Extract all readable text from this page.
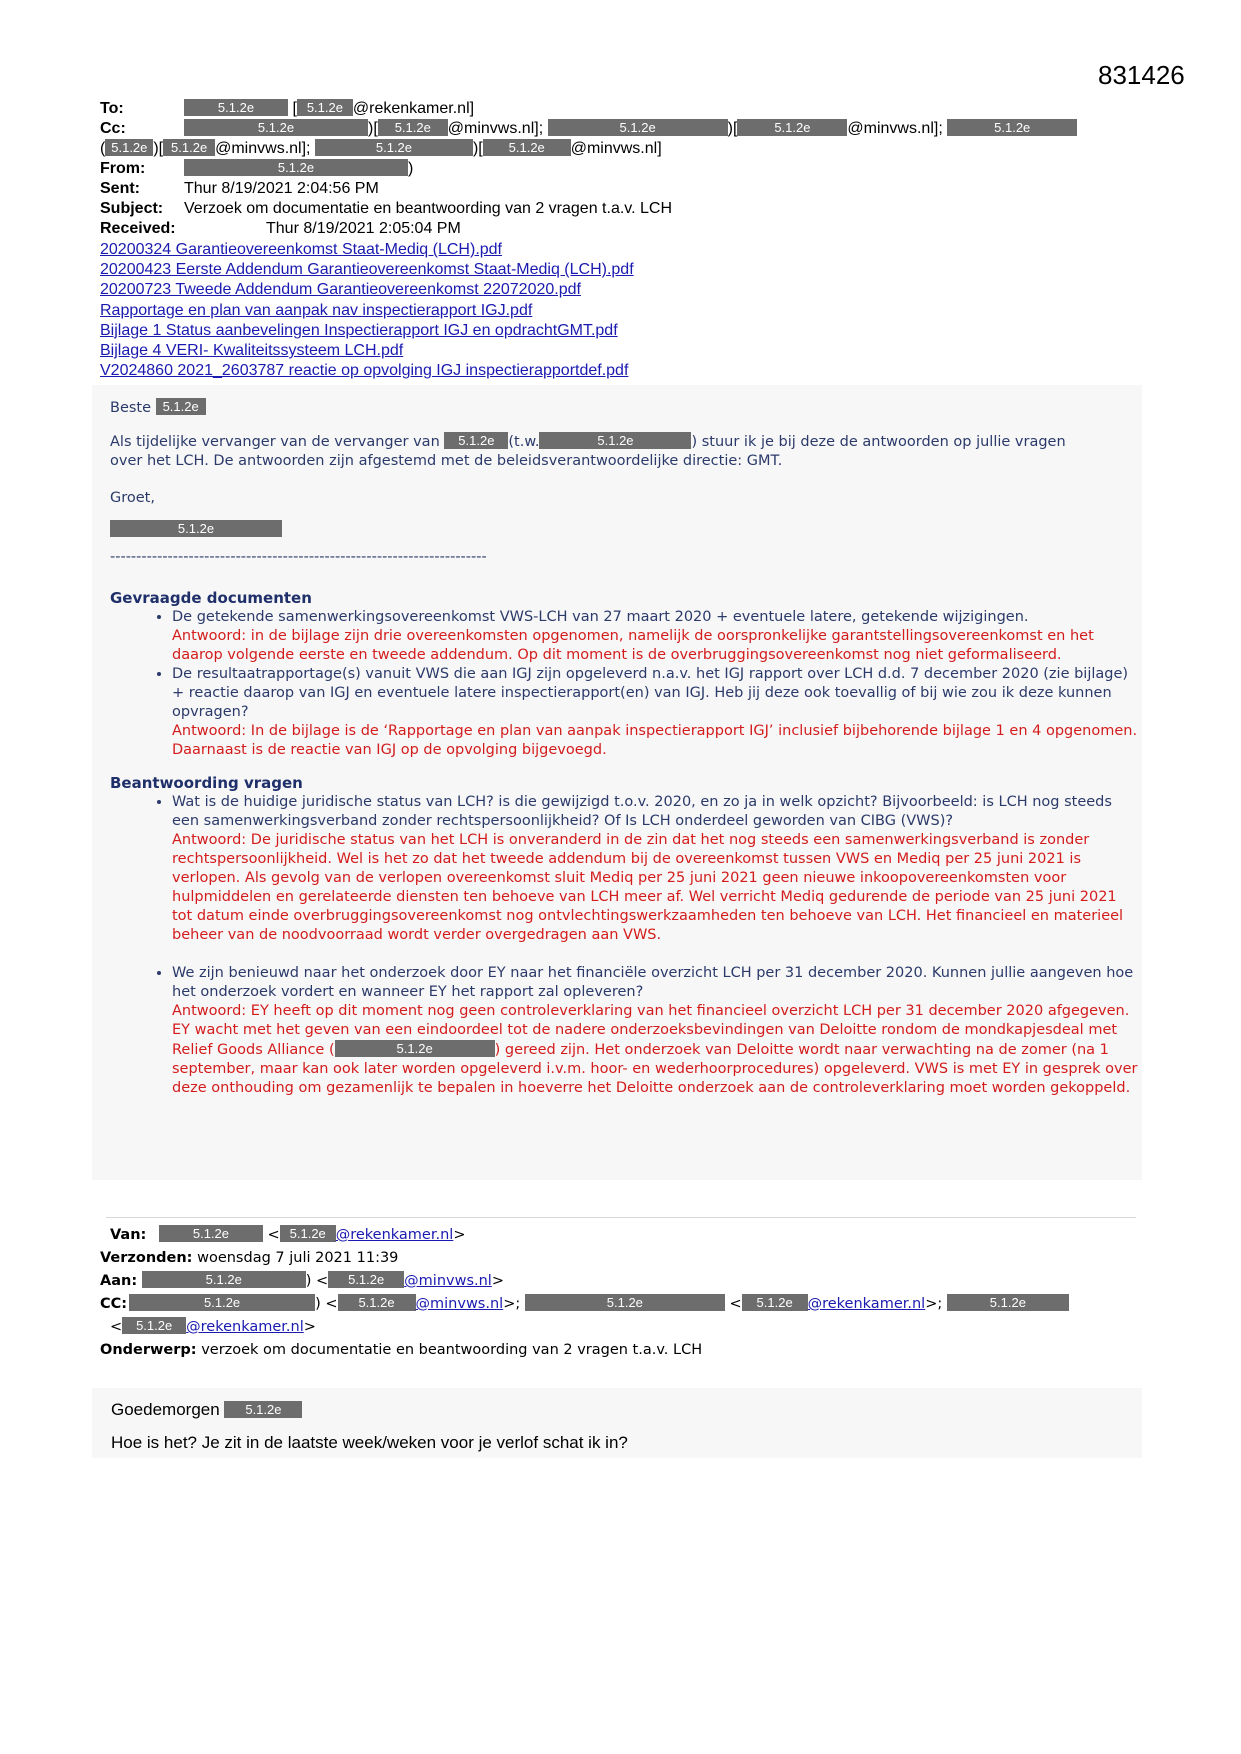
831426
To:	5.1.2e [ 5.1.2e @rekenkamer.nl]
Cc:	5.1.2e	)[ 5.1.2e @minvws.nl];	5.1.2e	)[	5.1.2e @minvws.nl];	5.1.2e
( 5.1.2e )[ 5.1.2e @minvws.nl];	5.1.2e	)[ 5.1.2e @minvws.nl]
From:	5.1.2e	)
Sent:	Thur 8/19/2021 2:04:56 PM
Subject: Verzoek om documentatie en beantwoording van 2 vragen t.a.v. LCH
Received:	Thur 8/19/2021 2:05:04 PM
20200324 Garantieovereenkomst Staat-Mediq (LCH).pdf
20200423 Eerste Addendum Garantieovereenkomst Staat-Mediq (LCH).pdf
20200723 Tweede Addendum Garantieovereenkomst 22072020.pdf
Rapportage en plan van aanpak nav inspectierapport IGJ.pdf
Bijlage 1 Status aanbevelingen Inspectierapport IGJ en opdrachtGMT.pdf
Bijlage 4 VERI- Kwaliteitssysteem LCH.pdf
V2024860 2021_2603787 reactie op opvolging IGJ inspectierapportdef.pdf

Beste 5.1.2e

Als tijdelijke vervanger van de vervanger van 5.1.2e (t.w.	5.1.2e	) stuur ik je bij deze de antwoorden op jullie vragen
over het LCH. De antwoorden zijn afgestemd met de beleidsverantwoordelijke directie: GMT.

Groet,

5.1.2e

------------------------------------------------------------------------
Gevraagde documenten
• De getekende samenwerkingsovereenkomst VWS-LCH van 27 maart 2020 + eventuele latere, getekende wijzigingen.
Antwoord: in de bijlage zijn drie overeenkomsten opgenomen, namelijk de oorspronkelijke garantstellingsovereenkomst en het daarop volgende eerste en tweede addendum. Op dit moment is de overbruggingsovereenkomst nog niet geformaliseerd.
• De resultaatrapportage(s) vanuit VWS die aan IGJ zijn opgeleverd n.a.v. het IGJ rapport over LCH d.d. 7 december 2020 (zie bijlage) + reactie daarop van IGJ en eventuele latere inspectierapport(en) van IGJ. Heb jij deze ook toevallig of bij wie zou ik deze kunnen opvragen?
Antwoord: In de bijlage is de ‘Rapportage en plan van aanpak inspectierapport IGJ’ inclusief bijbehorende bijlage 1 en 4 opgenomen. Daarnaast is de reactie van IGJ op de opvolging bijgevoegd.
Beantwoording vragen
• Wat is de huidige juridische status van LCH? is die gewijzigd t.o.v. 2020, en zo ja in welk opzicht? Bijvoorbeeld: is LCH nog steeds een samenwerkingsverband zonder rechtspersoonlijkheid? Of Is LCH onderdeel geworden van CIBG (VWS)?
Antwoord: De juridische status van het LCH is onveranderd in de zin dat het nog steeds een samenwerkingsverband is zonder rechtspersoonlijkheid. Wel is het zo dat het tweede addendum bij de overeenkomst tussen VWS en Mediq per 25 juni 2021 is verlopen. Als gevolg van de verlopen overeenkomst sluit Mediq per 25 juni 2021 geen nieuwe inkoopovereenkomsten voor hulpmiddelen en gerelateerde diensten ten behoeve van LCH meer af. Wel verricht Mediq gedurende de periode van 25 juni 2021 tot datum einde overbruggingsovereenkomst nog ontvlechtingswerkzaamheden ten behoeve van LCH. Het financieel en materieel beheer van de noodvoorraad wordt verder overgedragen aan VWS.
• We zijn benieuwd naar het onderzoek door EY naar het financiële overzicht LCH per 31 december 2020. Kunnen jullie aangeven hoe het onderzoek vordert en wanneer EY het rapport zal opleveren?
Antwoord: EY heeft op dit moment nog geen controleverklaring van het financieel overzicht LCH per 31 december 2020 afgegeven. EY wacht met het geven van een eindoordeel tot de nadere onderzoeksbevindingen van Deloitte rondom de mondkapjesdeal met Relief Goods Alliance (	5.1.2e	) gereed zijn. Het onderzoek van Deloitte wordt naar verwachting na de zomer (na 1 september, maar kan ook later worden opgeleverd i.v.m. hoor- en wederhoorprocedures) opgeleverd. VWS is met EY in gesprek over deze onthouding om gezamenlijk te bepalen in hoeverre het Deloitte onderzoek aan de controleverklaring moet worden gekoppeld.
Van:	5.1.2e < 5.1.2e @rekenkamer.nl>
Verzonden: woensdag 7 juli 2021 11:39
Aan:	5.1.2e	) < 5.1.2e @minvws.nl>
CC:	5.1.2e	) < 5.1.2e @minvws.nl>;	5.1.2e	< 5.1.2e @rekenkamer.nl>;	5.1.2e
< 5.1.2e @rekenkamer.nl>
Onderwerp: verzoek om documentatie en beantwoording van 2 vragen t.a.v. LCH
Goedemorgen 5.1.2e
Hoe is het? Je zit in de laatste week/weken voor je verlof schat ik in?
